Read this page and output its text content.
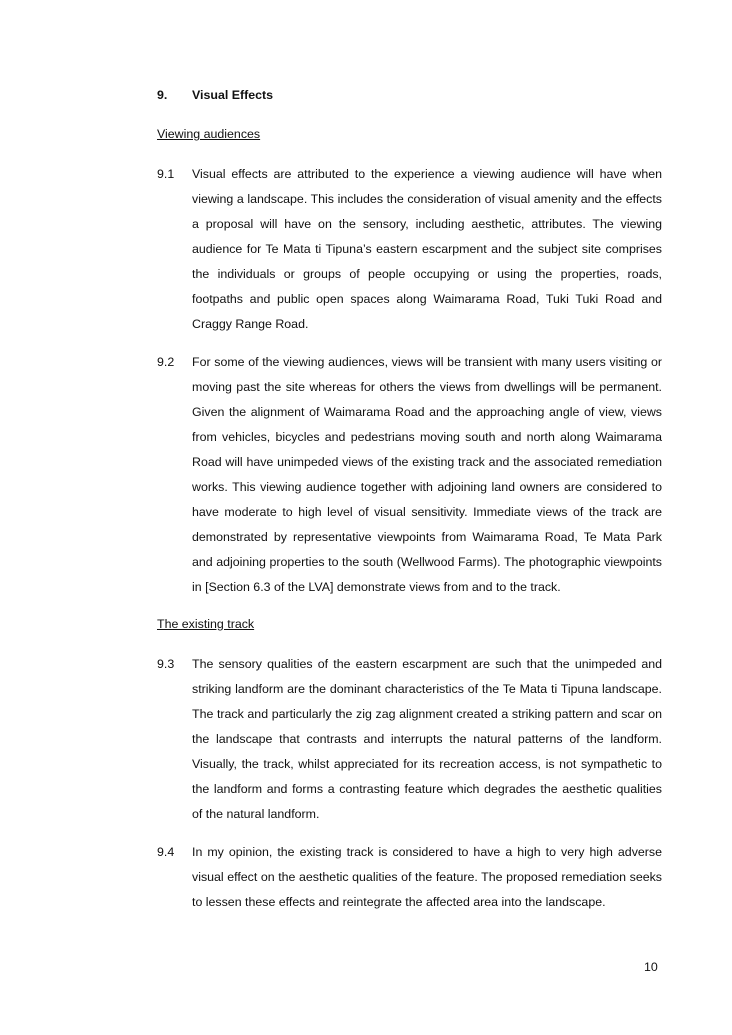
9. Visual Effects
Viewing audiences
9.1 Visual effects are attributed to the experience a viewing audience will have when viewing a landscape. This includes the consideration of visual amenity and the effects a proposal will have on the sensory, including aesthetic, attributes. The viewing audience for Te Mata ti Tipuna’s eastern escarpment and the subject site comprises the individuals or groups of people occupying or using the properties, roads, footpaths and public open spaces along Waimarama Road, Tuki Tuki Road and Craggy Range Road.
9.2 For some of the viewing audiences, views will be transient with many users visiting or moving past the site whereas for others the views from dwellings will be permanent. Given the alignment of Waimarama Road and the approaching angle of view, views from vehicles, bicycles and pedestrians moving south and north along Waimarama Road will have unimpeded views of the existing track and the associated remediation works. This viewing audience together with adjoining land owners are considered to have moderate to high level of visual sensitivity. Immediate views of the track are demonstrated by representative viewpoints from Waimarama Road, Te Mata Park and adjoining properties to the south (Wellwood Farms). The photographic viewpoints in [Section 6.3 of the LVA] demonstrate views from and to the track.
The existing track
9.3 The sensory qualities of the eastern escarpment are such that the unimpeded and striking landform are the dominant characteristics of the Te Mata ti Tipuna landscape. The track and particularly the zig zag alignment created a striking pattern and scar on the landscape that contrasts and interrupts the natural patterns of the landform. Visually, the track, whilst appreciated for its recreation access, is not sympathetic to the landform and forms a contrasting feature which degrades the aesthetic qualities of the natural landform.
9.4 In my opinion, the existing track is considered to have a high to very high adverse visual effect on the aesthetic qualities of the feature. The proposed remediation seeks to lessen these effects and reintegrate the affected area into the landscape.
10
